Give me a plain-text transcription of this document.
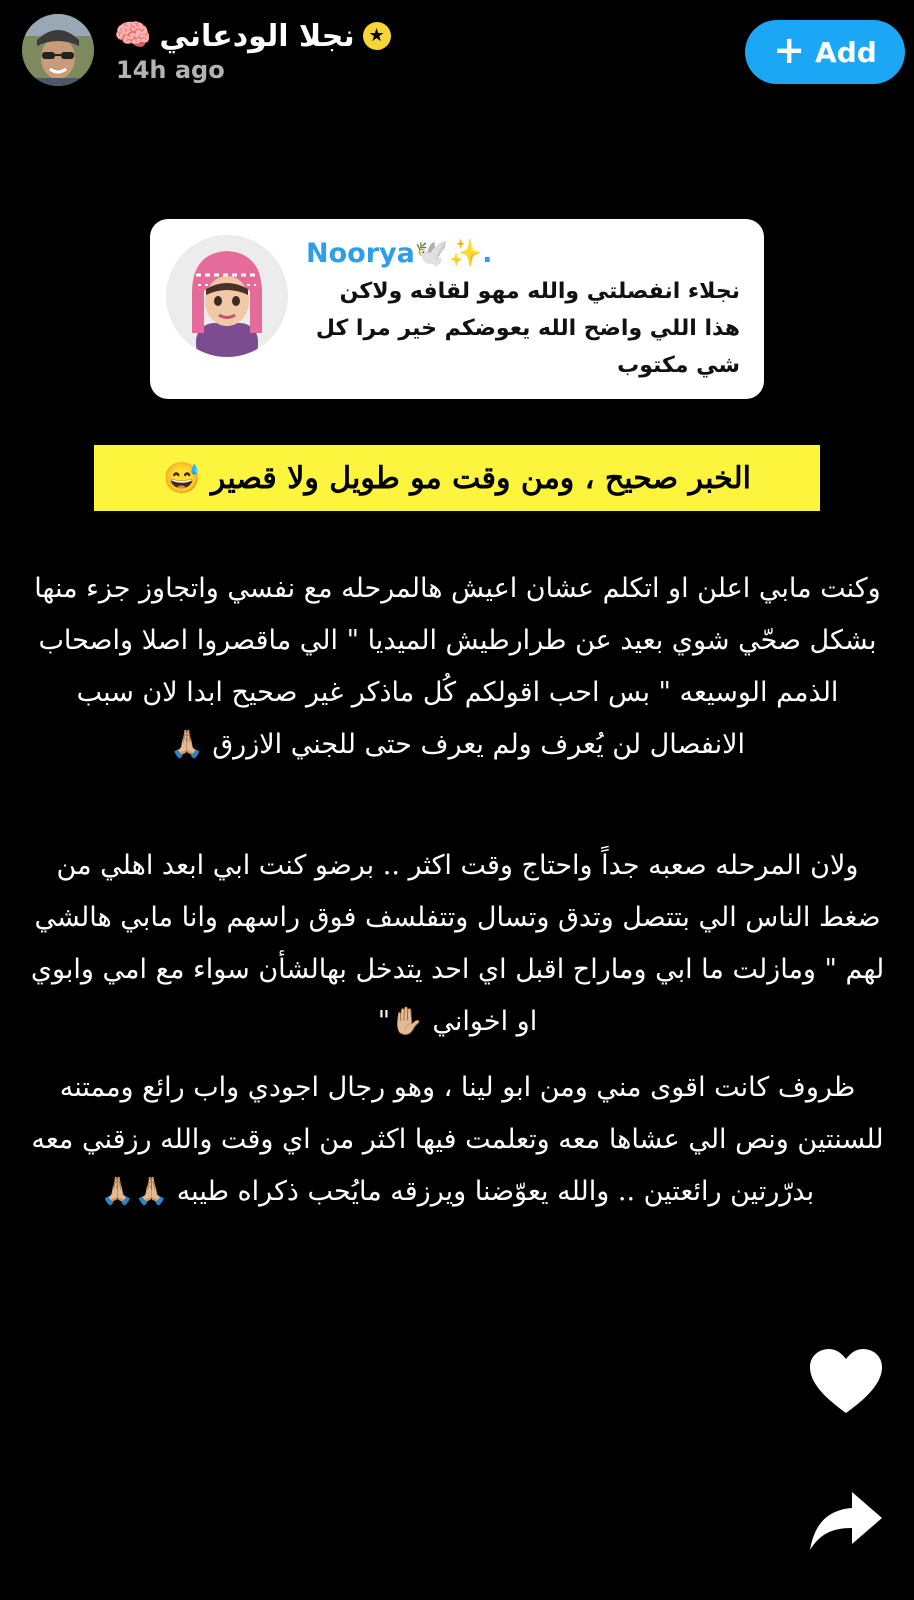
🧠 نجلا الودعاني ★
14h ago	+ Add
Noorya🕊️✨.
نجلاء انفصلتي والله مهو لقافه ولاكن هذا اللي واضح الله يعوضكم خير مرا كل شي مكتوب
الخبر صحيح ، ومن وقت مو طويل ولا قصير 😅
وكنت مابي اعلن او اتكلم عشان اعيش هالمرحله مع نفسي واتجاوز جزء منها بشكل صحّي شوي بعيد عن طرارطيش الميديا " الي ماقصروا اصلا واصحاب الذمم الوسيعه " بس احب اقولكم كُل ماذكر غير صحيح ابدا لان سبب الانفصال لن يُعرف ولم يعرف حتى للجني الازرق 🙏🏼
ولان المرحله صعبه جداً واحتاج وقت اكثر .. برضو كنت ابي ابعد اهلي من ضغط الناس الي بتتصل وتدق وتسال وتتفلسف فوق راسهم وانا مابي هالشي لهم " ومازلت ما ابي وماراح اقبل اي احد يتدخل بهالشأن سواء مع امي وابوي او اخواني ✋🏼"
ظروف كانت اقوى مني ومن ابو لينا ، وهو رجال اجودي واب رائع وممتنه للسنتين ونص الي عشاها معه وتعلمت فيها اكثر من اي وقت والله رزقني معه بدرّرتين رائعتين .. والله يعوّضنا ويرزقه مايُحب ذكراه طيبه 🙏🏼🙏🏼
